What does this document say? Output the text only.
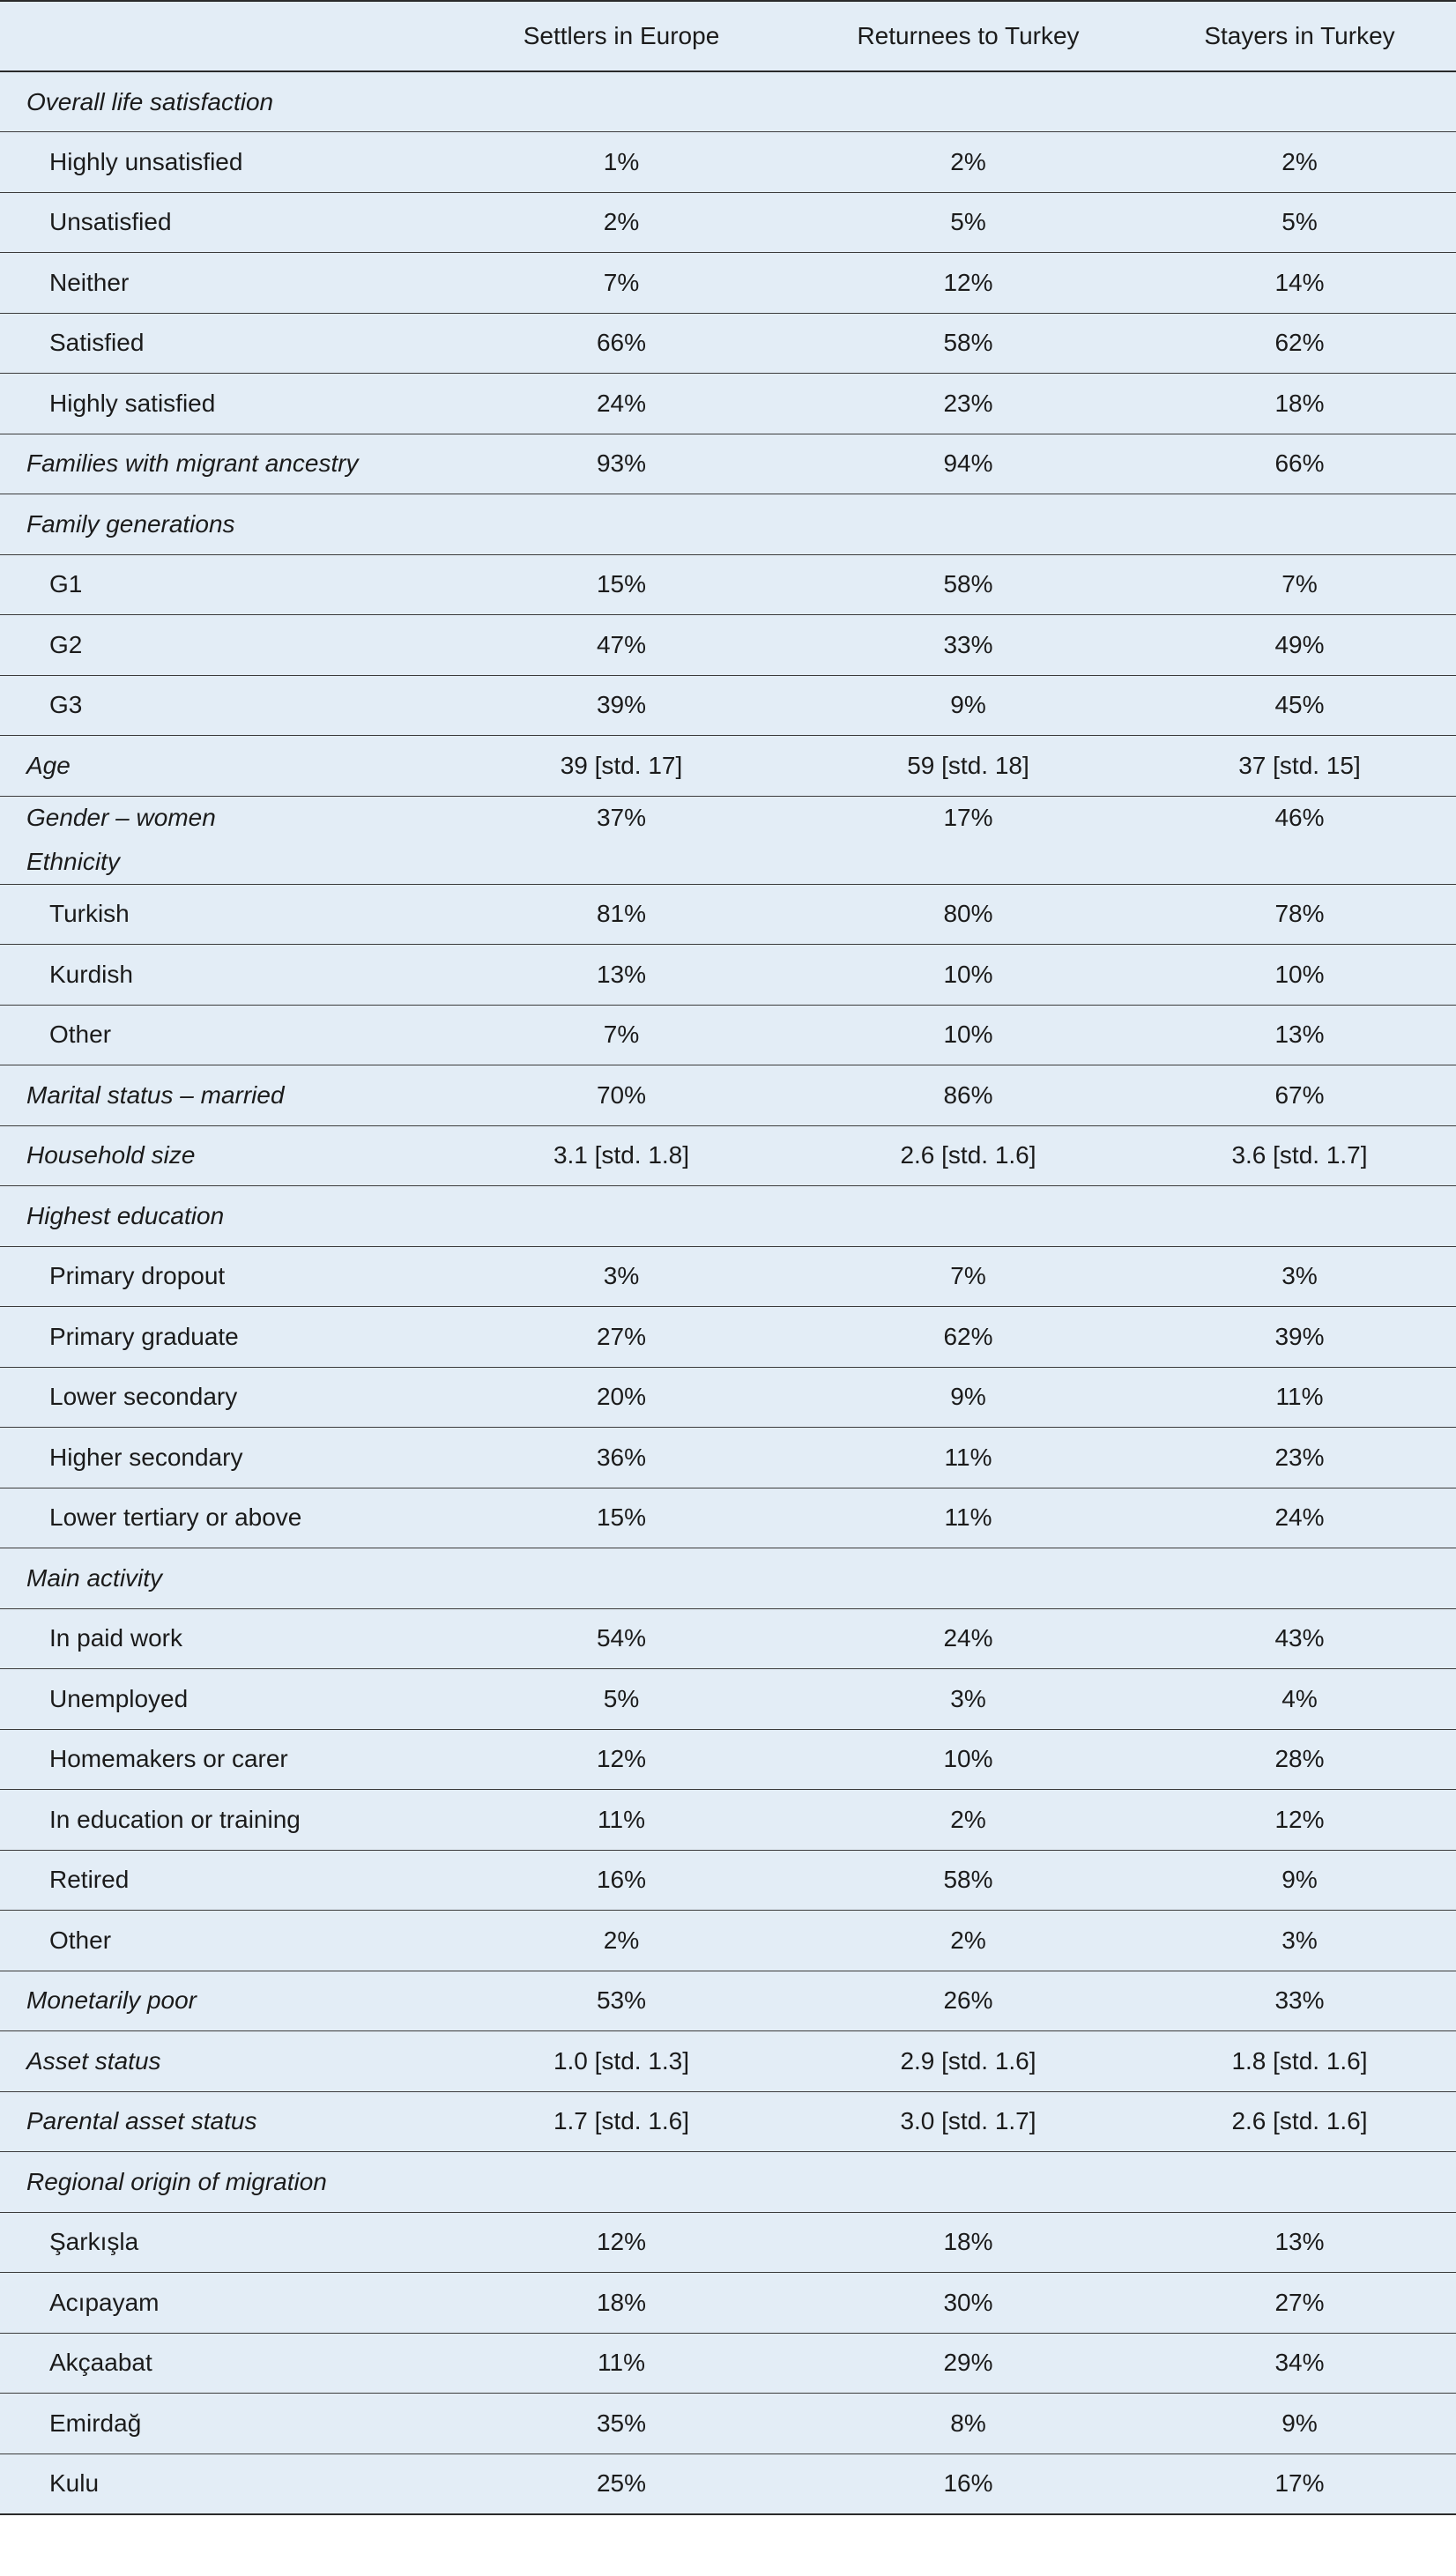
	Settlers in Europe	Returnees to Turkey	Stayers in Turkey
Overall life satisfaction			
Highly unsatisfied	1%	2%	2%
Unsatisfied	2%	5%	5%
Neither	7%	12%	14%
Satisfied	66%	58%	62%
Highly satisfied	24%	23%	18%
Families with migrant ancestry	93%	94%	66%
Family generations			
G1	15%	58%	7%
G2	47%	33%	49%
G3	39%	9%	45%
Age	39 [std. 17]	59 [std. 18]	37 [std. 15]
Gender – women	37%	17%	46%
Ethnicity			
Turkish	81%	80%	78%
Kurdish	13%	10%	10%
Other	7%	10%	13%
Marital status – married	70%	86%	67%
Household size	3.1 [std. 1.8]	2.6 [std. 1.6]	3.6 [std. 1.7]
Highest education			
Primary dropout	3%	7%	3%
Primary graduate	27%	62%	39%
Lower secondary	20%	9%	11%
Higher secondary	36%	11%	23%
Lower tertiary or above	15%	11%	24%
Main activity			
In paid work	54%	24%	43%
Unemployed	5%	3%	4%
Homemakers or carer	12%	10%	28%
In education or training	11%	2%	12%
Retired	16%	58%	9%
Other	2%	2%	3%
Monetarily poor	53%	26%	33%
Asset status	1.0 [std. 1.3]	2.9 [std. 1.6]	1.8 [std. 1.6]
Parental asset status	1.7 [std. 1.6]	3.0 [std. 1.7]	2.6 [std. 1.6]
Regional origin of migration			
Şarkışla	12%	18%	13%
Acıpayam	18%	30%	27%
Akçaabat	11%	29%	34%
Emirdağ	35%	8%	9%
Kulu	25%	16%	17%
